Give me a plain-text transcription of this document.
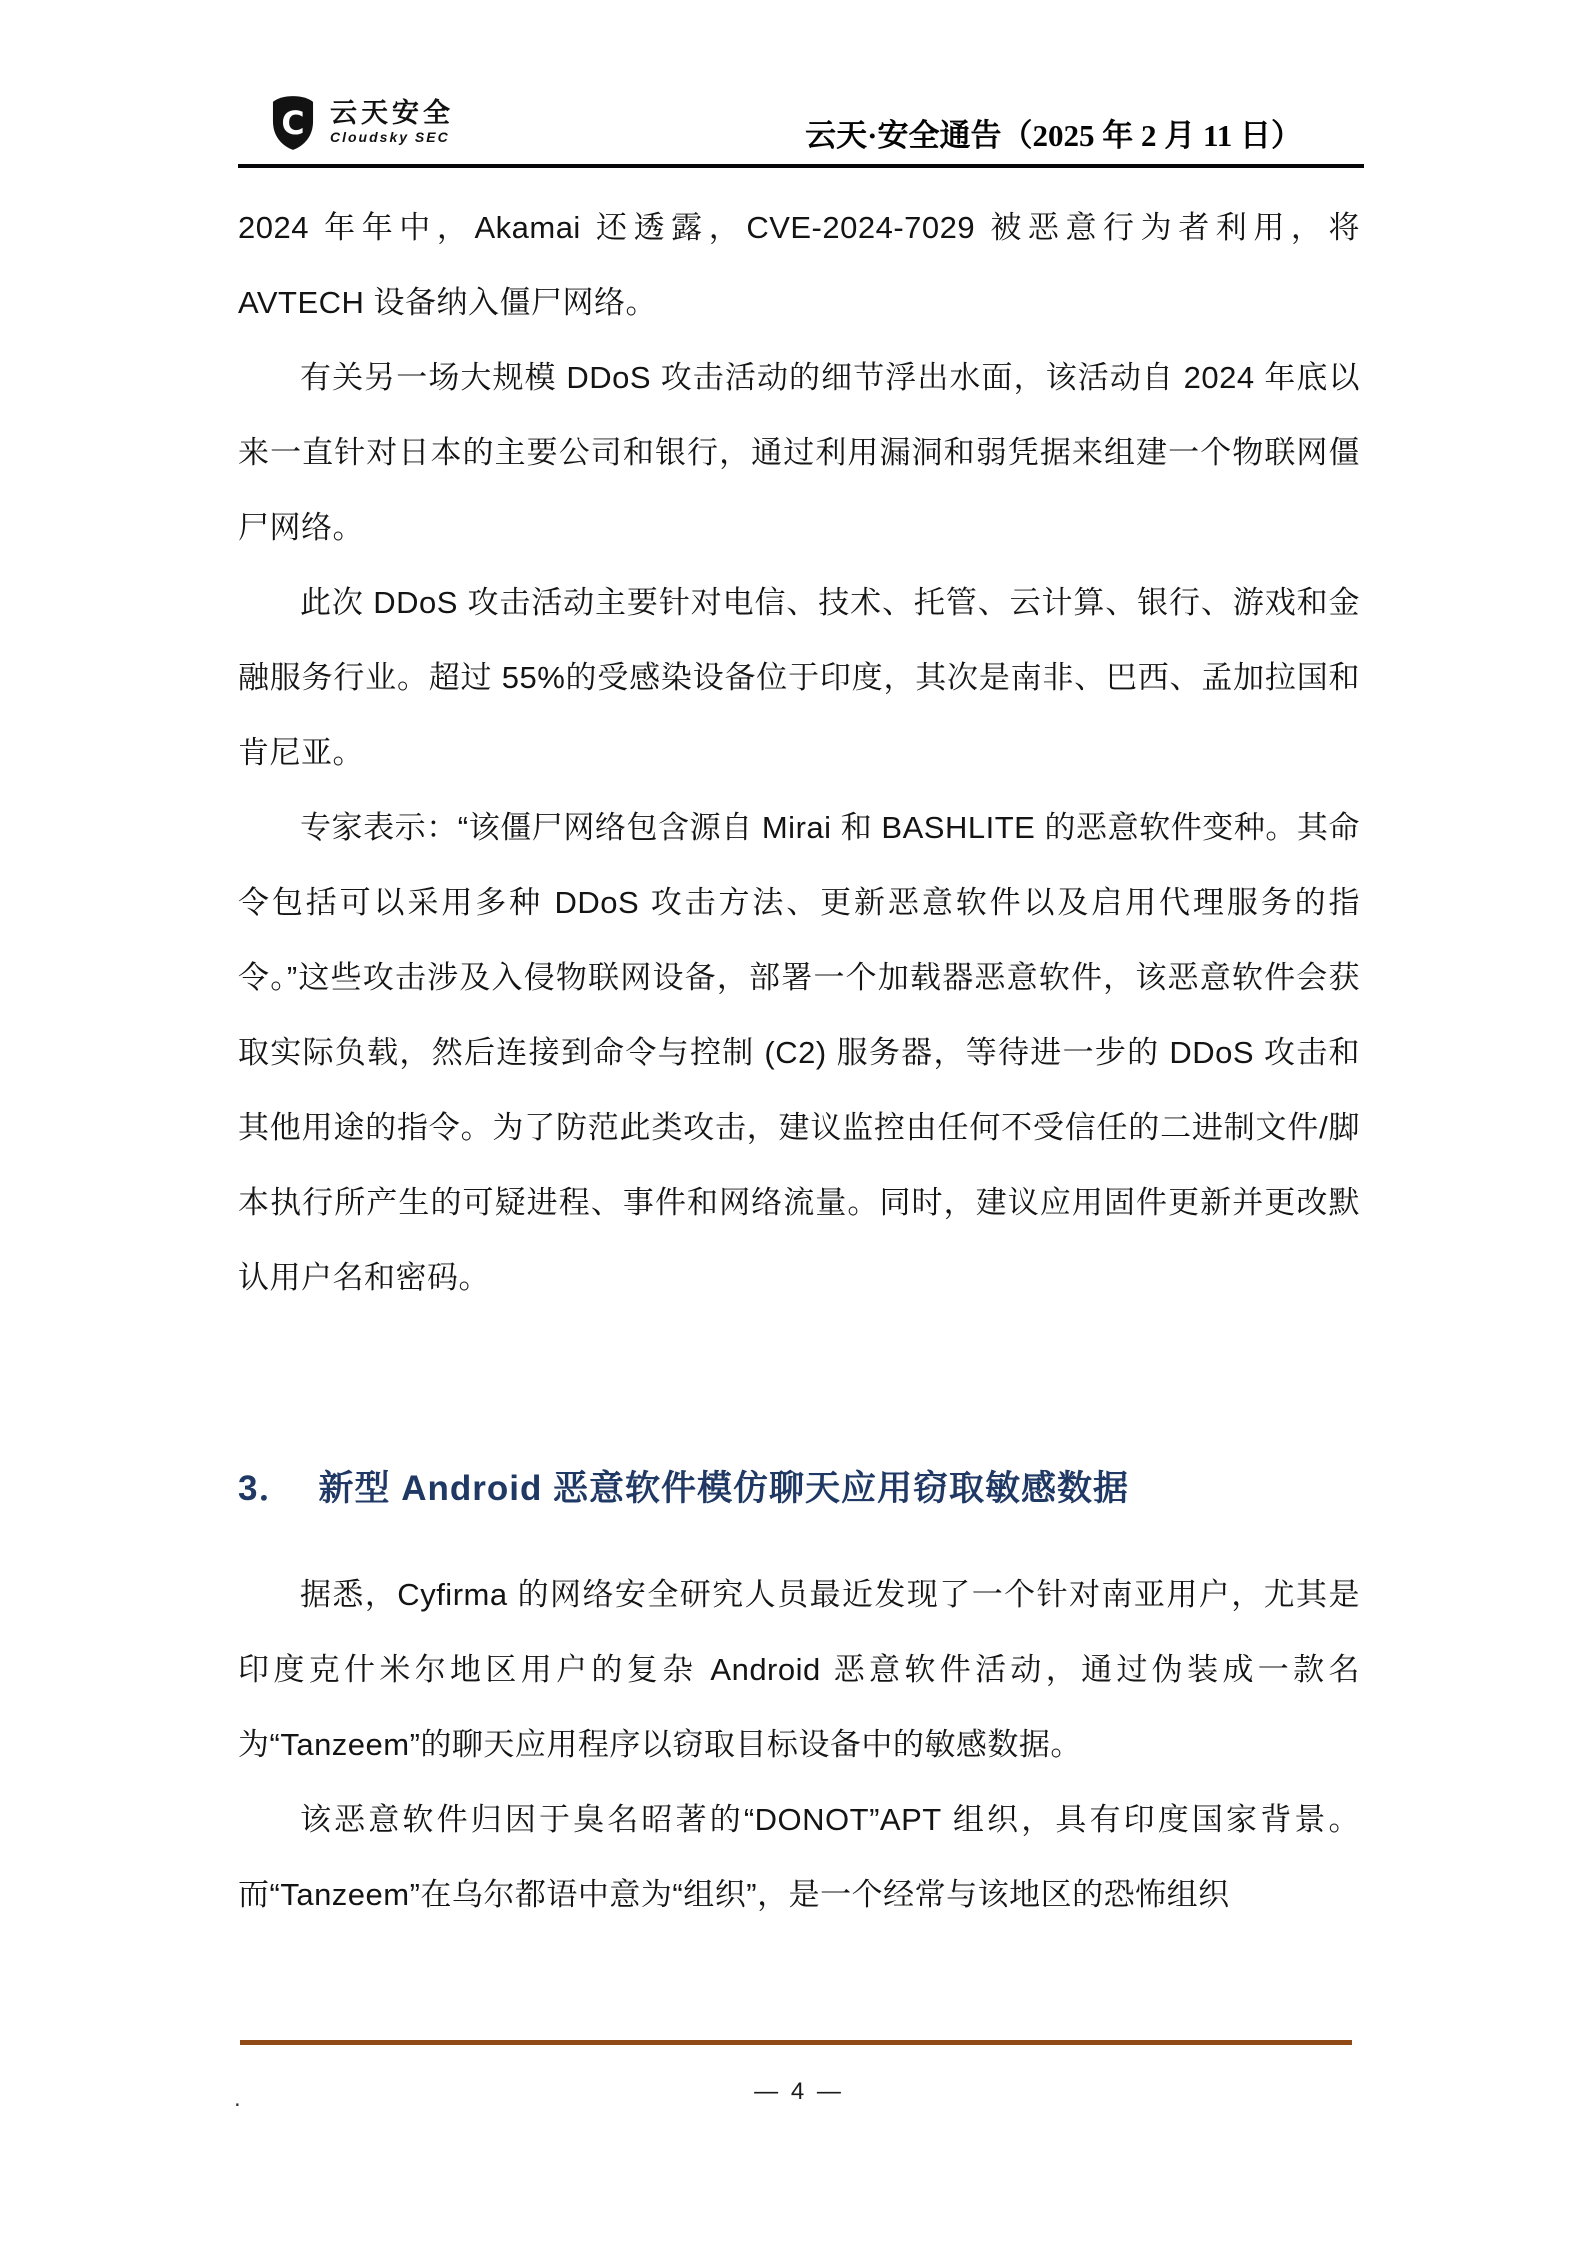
C 云天安全
Cloudsky SEC	云天·安全通告（2025 年 2 月 11 日）

2024 年年中，Akamai 还透露，CVE-2024-7029 被恶意行为者利用，将 AVTECH 设备纳入僵尸网络。

有关另一场大规模 DDoS 攻击活动的细节浮出水面，该活动自 2024 年底以来一直针对日本的主要公司和银行，通过利用漏洞和弱凭据来组建一个物联网僵尸网络。

此次 DDoS 攻击活动主要针对电信、技术、托管、云计算、银行、游戏和金融服务行业。超过 55%的受感染设备位于印度，其次是南非、巴西、孟加拉国和肯尼亚。

专家表示：“该僵尸网络包含源自 Mirai 和 BASHLITE 的恶意软件变种。其命令包括可以采用多种 DDoS 攻击方法、更新恶意软件以及启用代理服务的指令。”这些攻击涉及入侵物联网设备，部署一个加载器恶意软件，该恶意软件会获取实际负载，然后连接到命令与控制 (C2) 服务器，等待进一步的 DDoS 攻击和其他用途的指令。为了防范此类攻击，建议监控由任何不受信任的二进制文件/脚本执行所产生的可疑进程、事件和网络流量。同时，建议应用固件更新并更改默认用户名和密码。

3． 新型 Android 恶意软件模仿聊天应用窃取敏感数据

据悉，Cyfirma 的网络安全研究人员最近发现了一个针对南亚用户，尤其是印度克什米尔地区用户的复杂 Android 恶意软件活动，通过伪装成一款名为“Tanzeem”的聊天应用程序以窃取目标设备中的敏感数据。

该恶意软件归因于臭名昭著的“DONOT”APT 组织，具有印度国家背景。而“Tanzeem”在乌尔都语中意为“组织”，是一个经常与该地区的恐怖组织

.	— 4 —
